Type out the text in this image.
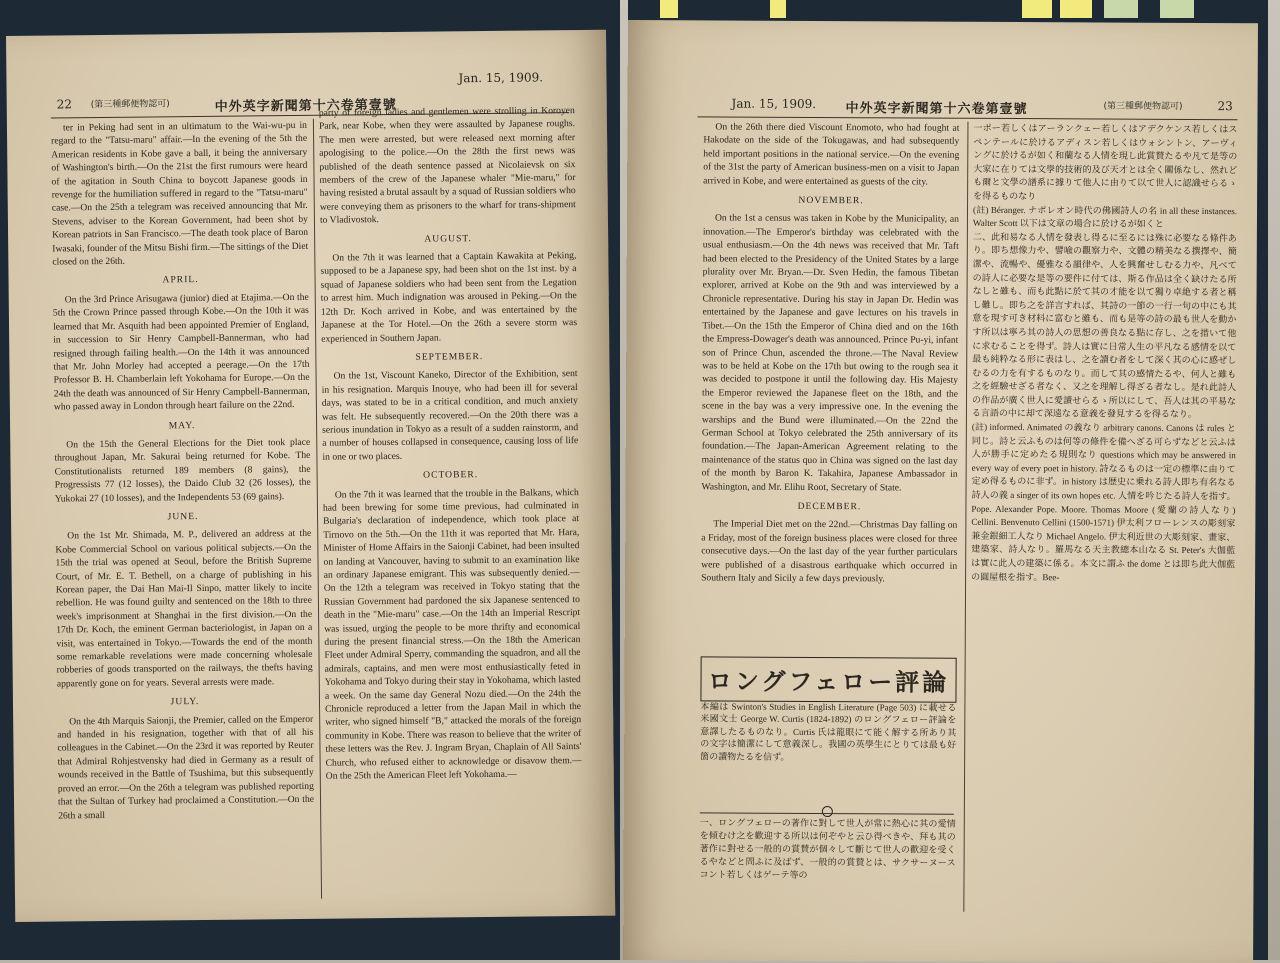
22 (第三種郵便物認可)	中外英字新聞第十六卷第壹號
Jan. 15, 1909.

ter in Peking had sent in an ultimatum to the Wai-wu-pu in regard to the "Tatsu-maru" affair.—In the evening of the 5th the American residents in Kobe gave a ball, it being the anniversary of Washington's birth.—On the 21st the first rumours were heard of the agitation in South China to boycott Japanese goods in revenge for the humiliation suffered in regard to the "Tatsu-maru" case.—On the 25th a telegram was received announcing that Mr. Stevens, adviser to the Korean Government, had been shot by Korean patriots in San Francisco.—The death took place of Baron Iwasaki, founder of the Mitsu Bishi firm.—The sittings of the Diet closed on the 26th.

APRIL.

On the 3rd Prince Arisugawa (junior) died at Etajima.—On the 5th the Crown Prince passed through Kobe.—On the 10th it was learned that Mr. Asquith had been appointed Premier of England, in succession to Sir Henry Campbell-Bannerman, who had resigned through failing health.—On the 14th it was announced that Mr. John Morley had accepted a peerage.—On the 17th Professor B. H. Chamberlain left Yokohama for Europe.—On the 24th the death was announced of Sir Henry Campbell-Bannerman, who passed away in London through heart failure on the 22nd.

MAY.

On the 15th the General Elections for the Diet took place throughout Japan, Mr. Sakurai being returned for Kobe. The Constitutionalists returned 189 members (8 gains), the Progressists 77 (12 losses), the Daido Club 32 (26 losses), the Yukokai 27 (10 losses), and the Independents 53 (69 gains).

JUNE.

On the 1st Mr. Shimada, M. P., delivered an address at the Kobe Commercial School on various political subjects.—On the 15th the trial was opened at Seoul, before the British Supreme Court, of Mr. E. T. Bethell, on a charge of publishing in his Korean paper, the Dai Han Mai-Il Sinpo, matter likely to incite rebellion. He was found guilty and sentenced on the 18th to three week's imprisonment at Shanghai in the first division.—On the 17th Dr. Koch, the eminent German bacteriologist, in Japan on a visit, was entertained in Tokyo.—Towards the end of the month some remarkable revelations were made concerning wholesale robberies of goods transported on the railways, the thefts having apparently gone on for years. Several arrests were made.

JULY.

On the 4th Marquis Saionji, the Premier, called on the Emperor and handed in his resignation, together with that of all his colleagues in the Cabinet.—On the 23rd it was reported by Reuter that Admiral Rohjestvensky had died in Germany as a result of wounds received in the Battle of Tsushima, but this subsequently proved an error.—On the 26th a telegram was published reporting that the Sultan of Turkey had proclaimed a Constitution.—On the 26th a small

party of foreign ladies and gentlemen were strolling in Koroyen Park, near Kobe, when they were assaulted by Japanese roughs. The men were arrested, but were released next morning after apologising to the police.—On the 28th the first news was published of the death sentence passed at Nicolaievsk on six members of the crew of the Japanese whaler "Mie-maru," for having resisted a brutal assault by a squad of Russian soldiers who were conveying them as prisoners to the wharf for trans-shipment to Vladivostok.

AUGUST.

On the 7th it was learned that a Captain Kawakita at Peking, supposed to be a Japanese spy, had been shot on the 1st inst. by a squad of Japanese soldiers who had been sent from the Legation to arrest him. Much indignation was aroused in Peking.—On the 12th Dr. Koch arrived in Kobe, and was entertained by the Japanese at the Tor Hotel.—On the 26th a severe storm was experienced in Southern Japan.

SEPTEMBER.

On the 1st, Viscount Kaneko, Director of the Exhibition, sent in his resignation. Marquis Inouye, who had been ill for several days, was stated to be in a critical condition, and much anxiety was felt. He subsequently recovered.—On the 20th there was a serious inundation in Tokyo as a result of a sudden rainstorm, and a number of houses collapsed in consequence, causing loss of life in one or two places.

OCTOBER.

On the 7th it was learned that the trouble in the Balkans, which had been brewing for some time previous, had culminated in Bulgaria's declaration of independence, which took place at Tirnovo on the 5th.—On the 11th it was reported that Mr. Hara, Minister of Home Affairs in the Saionji Cabinet, had been insulted on landing at Vancouver, having to submit to an examination like an ordinary Japanese emigrant. This was subsequently denied.—On the 12th a telegram was received in Tokyo stating that the Russian Government had pardoned the six Japanese sentenced to death in the "Mie-maru" case.—On the 14th an Imperial Rescript was issued, urging the people to be more thrifty and economical during the present financial stress.—On the 18th the American Fleet under Admiral Sperry, commanding the squadron, and all the admirals, captains, and men were most enthusiastically feted in Yokohama and Tokyo during their stay in Yokohama, which lasted a week. On the same day General Nozu died.—On the 24th the Chronicle reproduced a letter from the Japan Mail in which the writer, who signed himself "B," attacked the morals of the foreign community in Kobe. There was reason to believe that the writer of these letters was the Rev. J. Ingram Bryan, Chaplain of All Saints' Church, who refused either to acknowledge or disavow them.—On the 25th the American Fleet left Yokohama.—

Jan. 15, 1909. 中外英字新聞第十六卷第壹號	(第三種郵便物認可)	23

On the 26th there died Viscount Enomoto, who had fought at Hakodate on the side of the Tokugawas, and had subsequently held important positions in the national service.—On the evening of the 31st the party of American business-men on a visit to Japan arrived in Kobe, and were entertained as guests of the city.

NOVEMBER.

On the 1st a census was taken in Kobe by the Municipality, an innovation.—The Emperor's birthday was celebrated with the usual enthusiasm.—On the 4th news was received that Mr. Taft had been elected to the Presidency of the United States by a large plurality over Mr. Bryan.—Dr. Sven Hedin, the famous Tibetan explorer, arrived at Kobe on the 9th and was interviewed by a Chronicle representative. During his stay in Japan Dr. Hedin was entertained by the Japanese and gave lectures on his travels in Tibet.—On the 15th the Emperor of China died and on the 16th the Empress-Dowager's death was announced. Prince Pu-yi, infant son of Prince Chun, ascended the throne.—The Naval Review was to be held at Kobe on the 17th but owing to the rough sea it was decided to postpone it until the following day. His Majesty the Emperor reviewed the Japanese fleet on the 18th, and the scene in the bay was a very impressive one. In the evening the warships and the Bund were illuminated.—On the 22nd the German School at Tokyo celebrated the 25th anniversary of its foundation.—The Japan-American Agreement relating to the maintenance of the status quo in China was signed on the last day of the month by Baron K. Takahira, Japanese Ambassador in Washington, and Mr. Elihu Root, Secretary of State.

DECEMBER.

The Imperial Diet met on the 22nd.—Christmas Day falling on a Friday, most of the foreign business places were closed for three consecutive days.—On the last day of the year further particulars were published of a disastrous earthquake which occurred in Southern Italy and Sicily a few days previously.

ロングフェロー評論

本編は Swinton's Studies in English Literature (Page 503) に載せる米國文士 George W. Curtis (1824-1892) のロングフェロー評論を意譯したるものなり。Curtis 氏は龍眼にて能く解する所あり其の文字は簡潔にして意義深し。我國の英學生にとりては最も好箇の讀物たるを信ず。

一、ロングフェローの著作に對して世人が常に熱心に其の愛情を傾むけ之を歡迎する所以は何ぞやと云ひ得べきや、拜も其の著作に對せる一般的の賞賛が個々して斷じて世人の歡迎を受くるやなどと問ふに及ばず、一般的の賞賛とは、サクサーヌースコント若しくはゲーテ等の

一ポー若しくはアーランクェー若しくはアデクケンス若しくはスペンテールに於けるアディスン若しくはウォシントン、アーヴィングに於けるが如く和蘭なる人情を現し此賞賛たるや凡て是等の大家に在りては文學的技術的及び天才とは全く關係なし、然れども爾と文學の譜系に據りて他人に由りて以て世人に認識せらるゝを得るものなり

(註) Béranger. ナポレオン時代の佛國詩人の名 in all these instances. Walter Scott 以下は文章の場合に於けるが如くと

二、此和易なる人情を發表し得るに至るには殊に必要なる條件あり。即ち想像力や、譬喩の觀察力や、文體の精美なる撰擇や、簡潔や、流暢や、優雅なる韻律や、人を興奮せしむる力や、凡べての詩人に必要な是等の要件に付ては、斯る作品は全く缺けたる所なしと雖も、而も此點に於て其の才能を以て獨り卓絶する者と稱し難し。即ち之を詳言すれば、其詩の一節の一行一句の中にも其意を現す可き材料に富むと雖も、而も是等の詩の最も世人を動かす所以は寧ろ其の詩人の思想の善良なる點に存し、之を措いて他に求むることを得ず。詩人は實に日常人生の平凡なる感情を以て最も純粋なる形に表はし、之を讀む者をして深く其の心に感ぜしむるの力を有するものなり。而して其の感情たるや、何人と雖も之を經驗せざる者なく、又之を理解し得ざる者なし。是れ此詩人の作品が廣く世人に愛讀せらるゝ所以にして、吾人は其の平易なる言語の中に却て深遠なる意義を發見するを得るなり。

(註) informed. Animated の義なり arbitrary canons. Canons は rules と同じ。詩と云ふものは何等の條件を備へざる可らずなどと云ふは人が勝手に定めたる規則なり questions which may be answered in every way of every poet in history. 詩なるものは一定の標準に由りて定め得るものに非ず。in history は歴史に乗れる詩人即ち有名なる詩人の義 a singer of its own hopes etc. 人情を吟じたる詩人を指す。Pope. Alexander Pope. Moore. Thomas Moore (愛蘭の詩人なり) Cellini. Benvenuto Cellini (1500-1571) 伊太利フローレンスの彫刻家兼金銀細工人なり Michael Angelo. 伊太利近世の大彫刻家、畫家、建築家、詩人なり。羅馬なる天主教總本山なる St. Peter's 大伽藍は實に此人の建築に係る。本文に謂ふ the dome とは即ち此大伽藍の圓屋根を指す。Bee-
